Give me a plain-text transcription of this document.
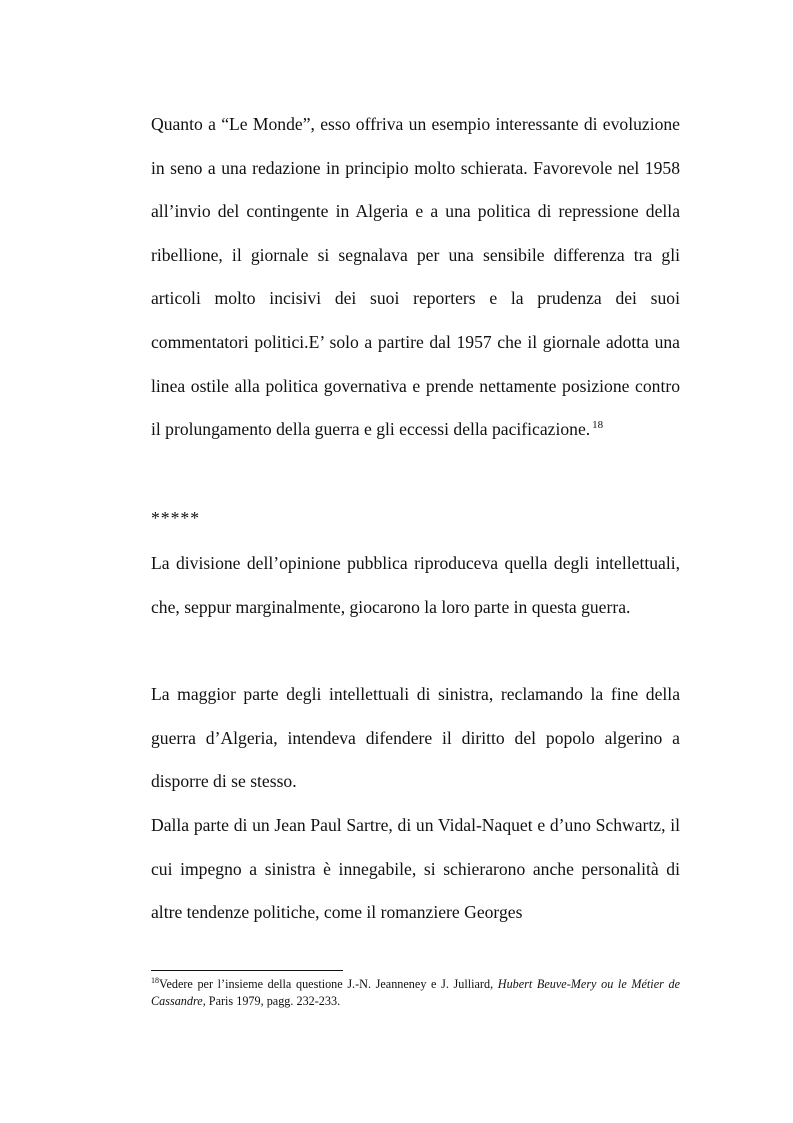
Quanto a “Le Monde”, esso offriva un esempio interessante di evoluzione in seno a una redazione in principio molto schierata. Favorevole nel 1958 all’invio del contingente in Algeria e a una politica di repressione della ribellione, il giornale si segnalava per una sensibile differenza tra gli articoli molto incisivi dei suoi reporters e la prudenza dei suoi commentatori politici.E’ solo a partire dal 1957 che il giornale adotta una linea ostile alla politica governativa e prende nettamente posizione contro il prolungamento della guerra e gli eccessi della pacificazione. $^{18}$
*****
La divisione dell’opinione pubblica riproduceva quella degli intellettuali, che, seppur marginalmente, giocarono la loro parte in questa guerra.
La maggior parte degli intellettuali di sinistra, reclamando la fine della guerra d’Algeria, intendeva difendere il diritto del popolo algerino a disporre di se stesso.
Dalla parte di un Jean Paul Sartre, di un Vidal-Naquet e d’uno Schwartz, il cui impegno a sinistra è innegabile, si schierarono anche personalità di altre tendenze politiche, come il romanziere Georges
$^{18}$Vedere per l’insieme della questione J.-N. Jeanneney e J. Julliard, Hubert Beuve-Mery ou le Métier de Cassandre, Paris 1979, pagg. 232-233.
